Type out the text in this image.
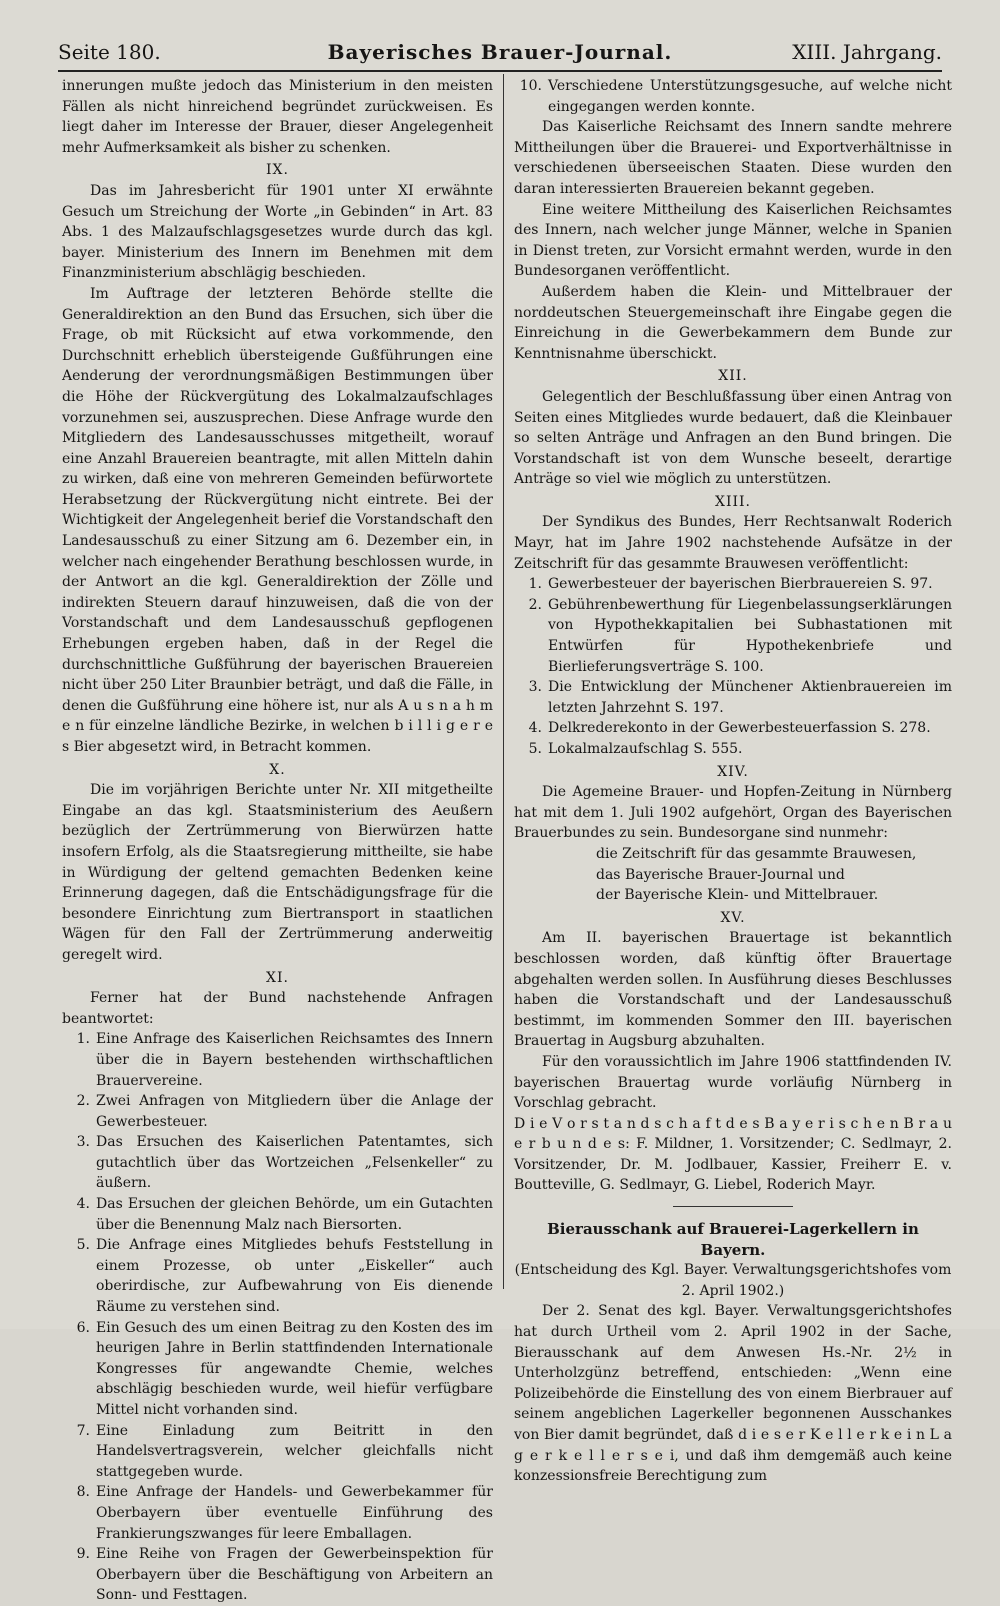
Seite 180.	Bayerisches Brauer-Journal.	XIII. Jahrgang.

innerungen mußte jedoch das Ministerium in den meisten Fällen als nicht hinreichend begründet zurückweisen. Es liegt daher im Interesse der Brauer, dieser Angelegenheit mehr Aufmerksamkeit als bisher zu schenken.

IX.

Das im Jahresbericht für 1901 unter XI erwähnte Gesuch um Streichung der Worte „in Gebinden“ in Art. 83 Abs. 1 des Malzaufschlagsgesetzes wurde durch das kgl. bayer. Ministerium des Innern im Benehmen mit dem Finanzministerium abschlägig beschieden.

Im Auftrage der letzteren Behörde stellte die Generaldirektion an den Bund das Ersuchen, sich über die Frage, ob mit Rücksicht auf etwa vorkommende, den Durchschnitt erheblich übersteigende Gußführungen eine Aenderung der verordnungsmäßigen Bestimmungen über die Höhe der Rückvergütung des Lokalmalzaufschlages vorzunehmen sei, auszusprechen. Diese Anfrage wurde den Mitgliedern des Landesausschusses mitgetheilt, worauf eine Anzahl Brauereien beantragte, mit allen Mitteln dahin zu wirken, daß eine von mehreren Gemeinden befürwortete Herabsetzung der Rückvergütung nicht eintrete. Bei der Wichtigkeit der Angelegenheit berief die Vorstandschaft den Landesausschuß zu einer Sitzung am 6. Dezember ein, in welcher nach eingehender Berathung beschlossen wurde, in der Antwort an die kgl. Generaldirektion der Zölle und indirekten Steuern darauf hinzuweisen, daß die von der Vorstandschaft und dem Landesausschuß gepflogenen Erhebungen ergeben haben, daß in der Regel die durchschnittliche Gußführung der bayerischen Brauereien nicht über 250 Liter Braunbier beträgt, und daß die Fälle, in denen die Gußführung eine höhere ist, nur als A u s n a h m e n für einzelne ländliche Bezirke, in welchen b i l l i g e r e s Bier abgesetzt wird, in Betracht kommen.

X.

Die im vorjährigen Berichte unter Nr. XII mitgetheilte Eingabe an das kgl. Staatsministerium des Aeußern bezüglich der Zertrümmerung von Bierwürzen hatte insofern Erfolg, als die Staatsregierung mittheilte, sie habe in Würdigung der geltend gemachten Bedenken keine Erinnerung dagegen, daß die Entschädigungsfrage für die besondere Einrichtung zum Biertransport in staatlichen Wägen für den Fall der Zertrümmerung anderweitig geregelt wird.

XI.

Ferner hat der Bund nachstehende Anfragen beantwortet:

1. Eine Anfrage des Kaiserlichen Reichsamtes des Innern über die in Bayern bestehenden wirthschaftlichen Brauervereine.
2. Zwei Anfragen von Mitgliedern über die Anlage der Gewerbesteuer.
3. Das Ersuchen des Kaiserlichen Patentamtes, sich gutachtlich über das Wortzeichen „Felsenkeller“ zu äußern.
4. Das Ersuchen der gleichen Behörde, um ein Gutachten über die Benennung Malz nach Biersorten.
5. Die Anfrage eines Mitgliedes behufs Feststellung in einem Prozesse, ob unter „Eiskeller“ auch oberirdische, zur Aufbewahrung von Eis dienende Räume zu verstehen sind.
6. Ein Gesuch des um einen Beitrag zu den Kosten des im heurigen Jahre in Berlin stattfindenden Internationale Kongresses für angewandte Chemie, welches abschlägig beschieden wurde, weil hiefür verfügbare Mittel nicht vorhanden sind.
7. Eine Einladung zum Beitritt in den Handelsvertragsverein, welcher gleichfalls nicht stattgegeben wurde.
8. Eine Anfrage der Handels- und Gewerbekammer für Oberbayern über eventuelle Einführung des Frankierungszwanges für leere Emballagen.
9. Eine Reihe von Fragen der Gewerbeinspektion für Oberbayern über die Beschäftigung von Arbeitern an Sonn- und Festtagen.
10. Verschiedene Unterstützungsgesuche, auf welche nicht eingegangen werden konnte.

Das Kaiserliche Reichsamt des Innern sandte mehrere Mittheilungen über die Brauerei- und Exportverhältnisse in verschiedenen überseeischen Staaten. Diese wurden den daran interessierten Brauereien bekannt gegeben.

Eine weitere Mittheilung des Kaiserlichen Reichsamtes des Innern, nach welcher junge Männer, welche in Spanien in Dienst treten, zur Vorsicht ermahnt werden, wurde in den Bundesorganen veröffentlicht.

Außerdem haben die Klein- und Mittelbrauer der norddeutschen Steuergemeinschaft ihre Eingabe gegen die Einreichung in die Gewerbekammern dem Bunde zur Kenntnisnahme überschickt.

XII.

Gelegentlich der Beschlußfassung über einen Antrag von Seiten eines Mitgliedes wurde bedauert, daß die Kleinbauer so selten Anträge und Anfragen an den Bund bringen. Die Vorstandschaft ist von dem Wunsche beseelt, derartige Anträge so viel wie möglich zu unterstützen.

XIII.

Der Syndikus des Bundes, Herr Rechtsanwalt Roderich Mayr, hat im Jahre 1902 nachstehende Aufsätze in der Zeitschrift für das gesammte Brauwesen veröffentlicht:

1. Gewerbesteuer der bayerischen Bierbrauereien S. 97.
2. Gebührenbewerthung für Liegenbelassungserklärungen von Hypothekkapitalien bei Subhastationen mit Entwürfen für Hypothekenbriefe und Bierlieferungsverträge S. 100.
3. Die Entwicklung der Münchener Aktienbrauereien im letzten Jahrzehnt S. 197.
4. Delkrederekonto in der Gewerbesteuerfassion S. 278.
5. Lokalmalzaufschlag S. 555.
XIV.

Die Agemeine Brauer- und Hopfen-Zeitung in Nürnberg hat mit dem 1. Juli 1902 aufgehört, Organ des Bayerischen Brauerbundes zu sein. Bundesorgane sind nunmehr:

die Zeitschrift für das gesammte Brauwesen,
das Bayerische Brauer-Journal und
der Bayerische Klein- und Mittelbrauer.
XV.

Am II. bayerischen Brauertage ist bekanntlich beschlossen worden, daß künftig öfter Brauertage abgehalten werden sollen. In Ausführung dieses Beschlusses haben die Vorstandschaft und der Landesausschuß bestimmt, im kommenden Sommer den III. bayerischen Brauertag in Augsburg abzuhalten.

Für den voraussichtlich im Jahre 1906 stattfindenden IV. bayerischen Brauertag wurde vorläufig Nürnberg in Vorschlag gebracht.

D i e V o r s t a n d s c h a f t d e s B a y e r i s c h e n B r a u e r b u n d e s: F. Mildner, 1. Vorsitzender; C. Sedlmayr, 2. Vorsitzender, Dr. M. Jodlbauer, Kassier, Freiherr E. v. Boutteville, G. Sedlmayr, G. Liebel, Roderich Mayr.

Bierausschank auf Brauerei-Lagerkellern in Bayern.
(Entscheidung des Kgl. Bayer. Verwaltungsgerichtshofes vom 2. April 1902.)

Der 2. Senat des kgl. Bayer. Verwaltungsgerichtshofes hat durch Urtheil vom 2. April 1902 in der Sache, Bierausschank auf dem Anwesen Hs.-Nr. 2½ in Unterholzgünz betreffend, entschieden: „Wenn eine Polizeibehörde die Einstellung des von einem Bierbrauer auf seinem angeblichen Lagerkeller begonnenen Ausschankes von Bier damit begründet, daß d i e s e r K e l l e r k e i n L a g e r k e l l e r s e i, und daß ihm demgemäß auch keine konzessionsfreie Berechtigung zum
